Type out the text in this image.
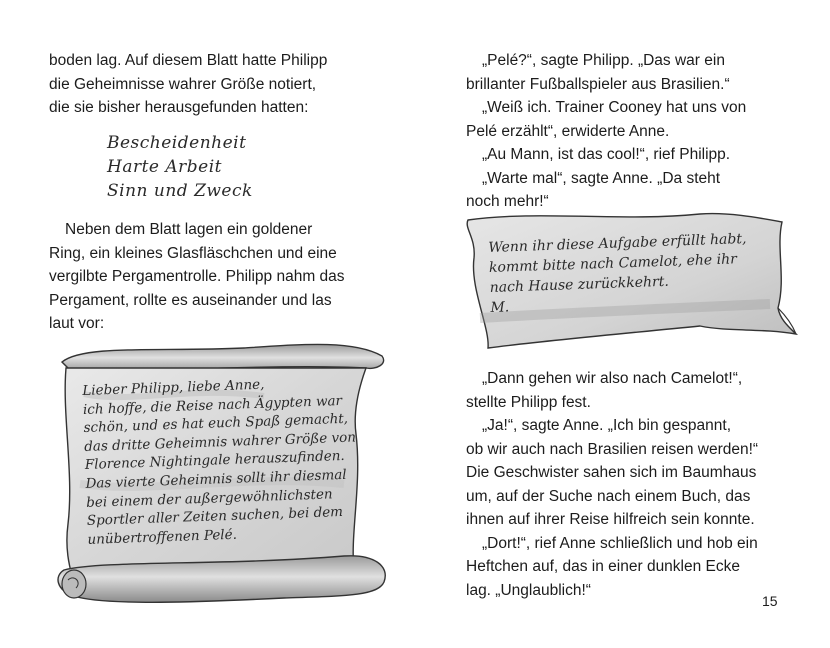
boden lag. Auf diesem Blatt hatte Philipp

die Geheimnisse wahrer Größe notiert,

die sie bisher herausgefunden hatten:

Bescheidenheit
Harte Arbeit
Sinn und Zweck

Neben dem Blatt lagen ein goldener

Ring, ein kleines Glasfläschchen und eine

vergilbte Pergamentrolle. Philipp nahm das

Pergament, rollte es auseinander und las

laut vor:

Lieber Philipp, liebe Anne,
ich hoffe, die Reise nach Ägypten war
schön, und es hat euch Spaß gemacht,
das dritte Geheimnis wahrer Größe von
Florence Nightingale herauszufinden.
Das vierte Geheimnis sollt ihr diesmal
bei einem der außergewöhnlichsten
Sportler aller Zeiten suchen, bei dem
unübertroffenen Pelé.

„Pelé?“, sagte Philipp. „Das war ein

brillanter Fußballspieler aus Brasilien.“

„Weiß ich. Trainer Cooney hat uns von

Pelé erzählt“, erwiderte Anne.

„Au Mann, ist das cool!“, rief Philipp.

„Warte mal“, sagte Anne. „Da steht

noch mehr!“

Wenn ihr diese Aufgabe erfüllt habt,
kommt bitte nach Camelot, ehe ihr
nach Hause zurückkehrt.
M.

„Dann gehen wir also nach Camelot!“,

stellte Philipp fest.

„Ja!“, sagte Anne. „Ich bin gespannt,

ob wir auch nach Brasilien reisen werden!“

Die Geschwister sahen sich im Baumhaus

um, auf der Suche nach einem Buch, das

ihnen auf ihrer Reise hilfreich sein konnte.

„Dort!“, rief Anne schließlich und hob ein

Heftchen auf, das in einer dunklen Ecke

lag. „Unglaublich!“

15
